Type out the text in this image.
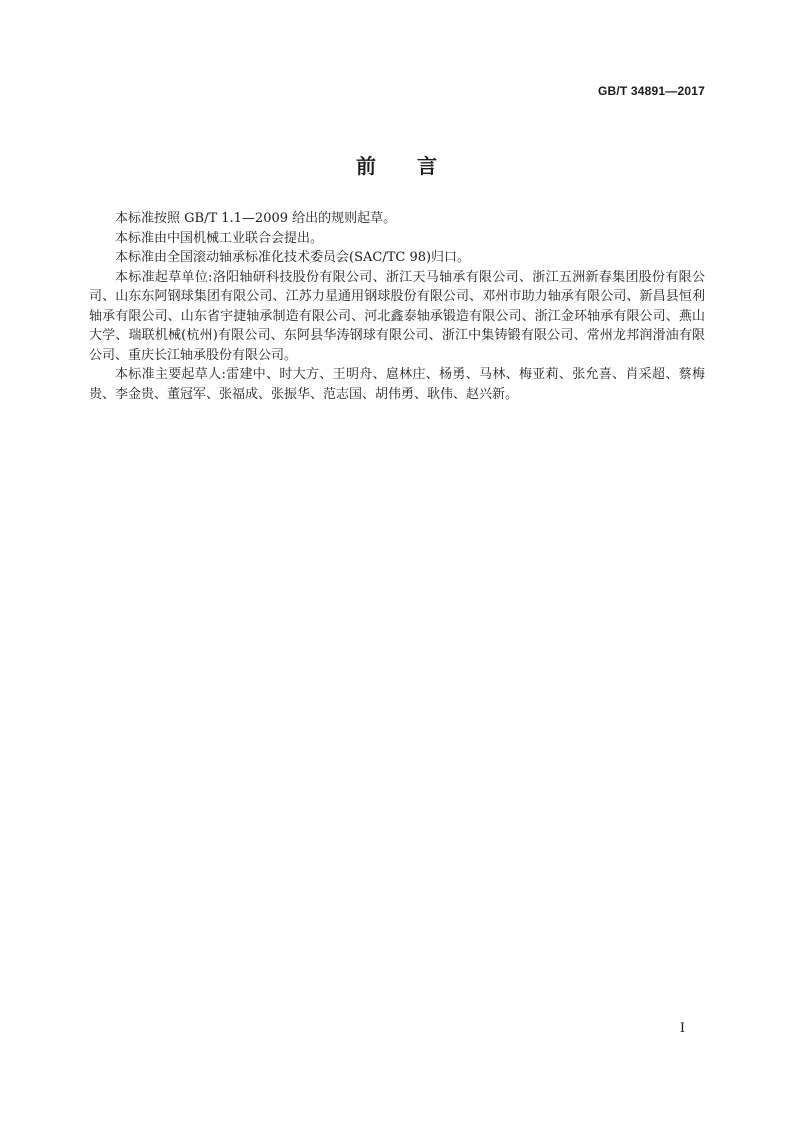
GB/T 34891—2017
前 言

本标准按照 GB/T 1.1—2009 给出的规则起草。

本标准由中国机械工业联合会提出。

本标准由全国滚动轴承标准化技术委员会(SAC/TC 98)归口。

本标准起草单位:洛阳轴研科技股份有限公司、浙江天马轴承有限公司、浙江五洲新春集团股份有限公司、山东东阿钢球集团有限公司、江苏力星通用钢球股份有限公司、邓州市助力轴承有限公司、新昌县恒利轴承有限公司、山东省宇捷轴承制造有限公司、河北鑫泰轴承锻造有限公司、浙江金环轴承有限公司、燕山大学、瑞联机械(杭州)有限公司、东阿县华涛钢球有限公司、浙江中集铸锻有限公司、常州龙邦润滑油有限公司、重庆长江轴承股份有限公司。

本标准主要起草人:雷建中、时大方、王明舟、扈林庄、杨勇、马林、梅亚莉、张允喜、肖采超、蔡梅贵、李金贵、董冠军、张福成、张振华、范志国、胡伟勇、耿伟、赵兴新。

I
